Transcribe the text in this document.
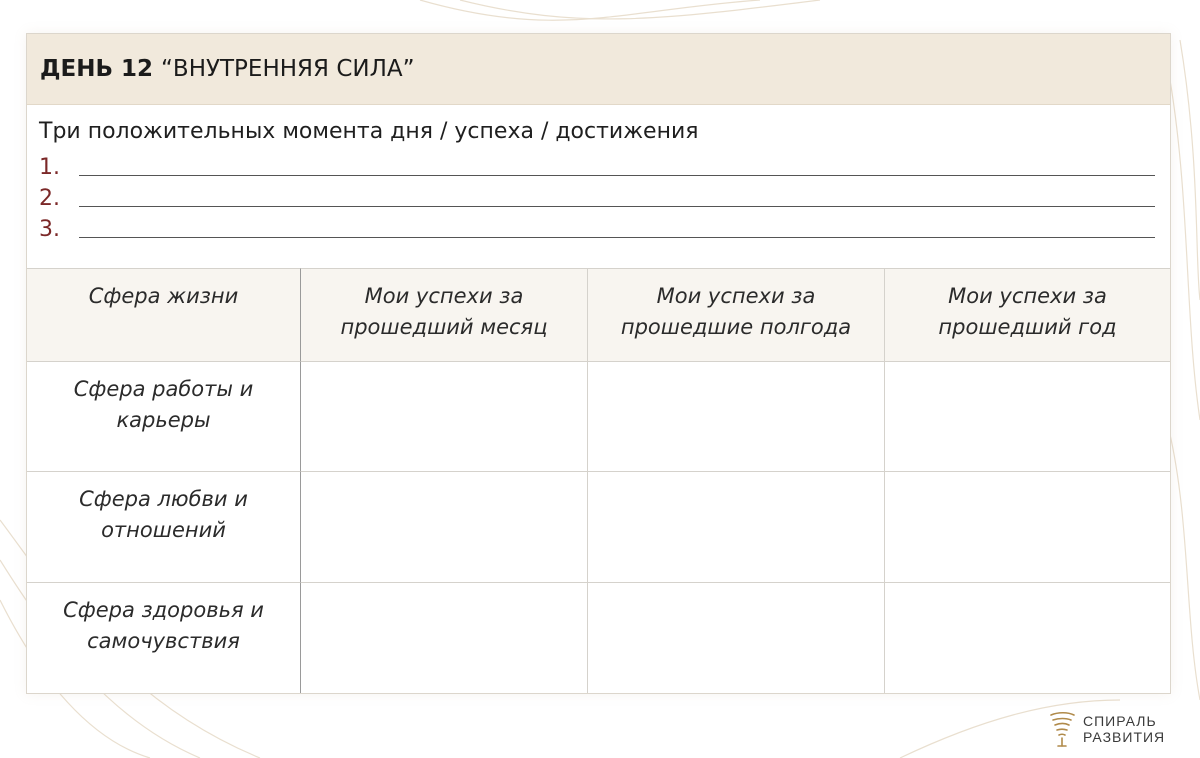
ДЕНЬ 12 “ВНУТРЕННЯЯ СИЛА”
Три положительных момента дня / успеха / достижения
1.
2.
3.
Сфера жизни	Мои успехи за прошедший месяц
Мои успехи за прошедшие полгода
Мои успехи за прошедший год
Сфера работы и карьеры
Сфера любви и отношений
Сфера здоровья и самочувствия
СПИРАЛЬ
РАЗВИТИЯ
